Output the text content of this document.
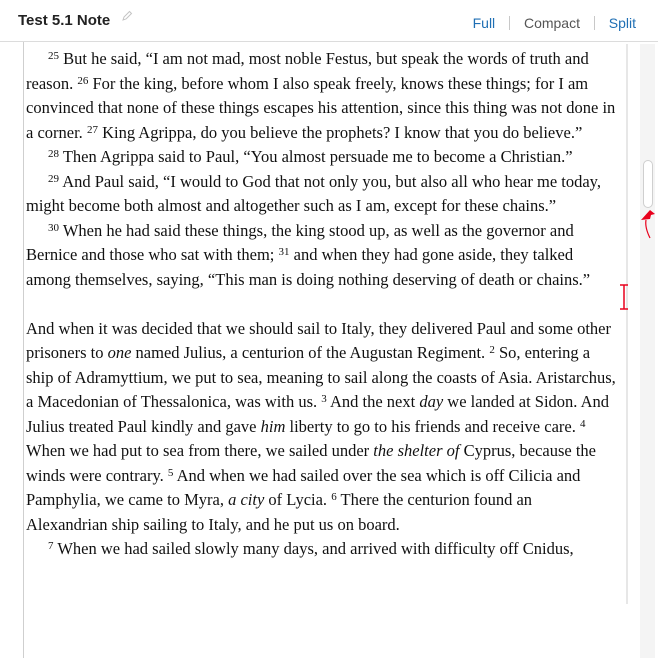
Test 5.1 Note	Full Compact Split

$^{25}$ But he said, “I am not mad, most noble Festus, but speak the words of truth and reason. $^{26}$ For the king, before whom I also speak freely, knows these things; for I am convinced that none of these things escapes his attention, since this thing was not done in a corner. $^{27}$ King Agrippa, do you believe the prophets? I know that you do believe.”

$^{28}$ Then Agrippa said to Paul, “You almost persuade me to become a Christian.”

$^{29}$ And Paul said, “I would to God that not only you, but also all who hear me today, might become both almost and altogether such as I am, except for these chains.”

$^{30}$ When he had said these things, the king stood up, as well as the governor and Bernice and those who sat with them; $^{31}$ and when they had gone aside, they talked among themselves, saying, “This man is doing nothing deserving of death or chains.”

And when it was decided that we should sail to Italy, they delivered Paul and some other prisoners to one named Julius, a centurion of the Augustan Regiment. $^2$ So, entering a ship of Adramyttium, we put to sea, meaning to sail along the coasts of Asia. Aristarchus, a Macedonian of Thessalonica, was with us. $^3$ And the next day we landed at Sidon. And Julius treated Paul kindly and gave him liberty to go to his friends and receive care. $^4$ When we had put to sea from there, we sailed under the shelter of Cyprus, because the winds were contrary. $^5$ And when we had sailed over the sea which is off Cilicia and Pamphylia, we came to Myra, a city of Lycia. $^6$ There the centurion found an Alexandrian ship sailing to Italy, and he put us on board.

$^7$ When we had sailed slowly many days, and arrived with difficulty off Cnidus,
